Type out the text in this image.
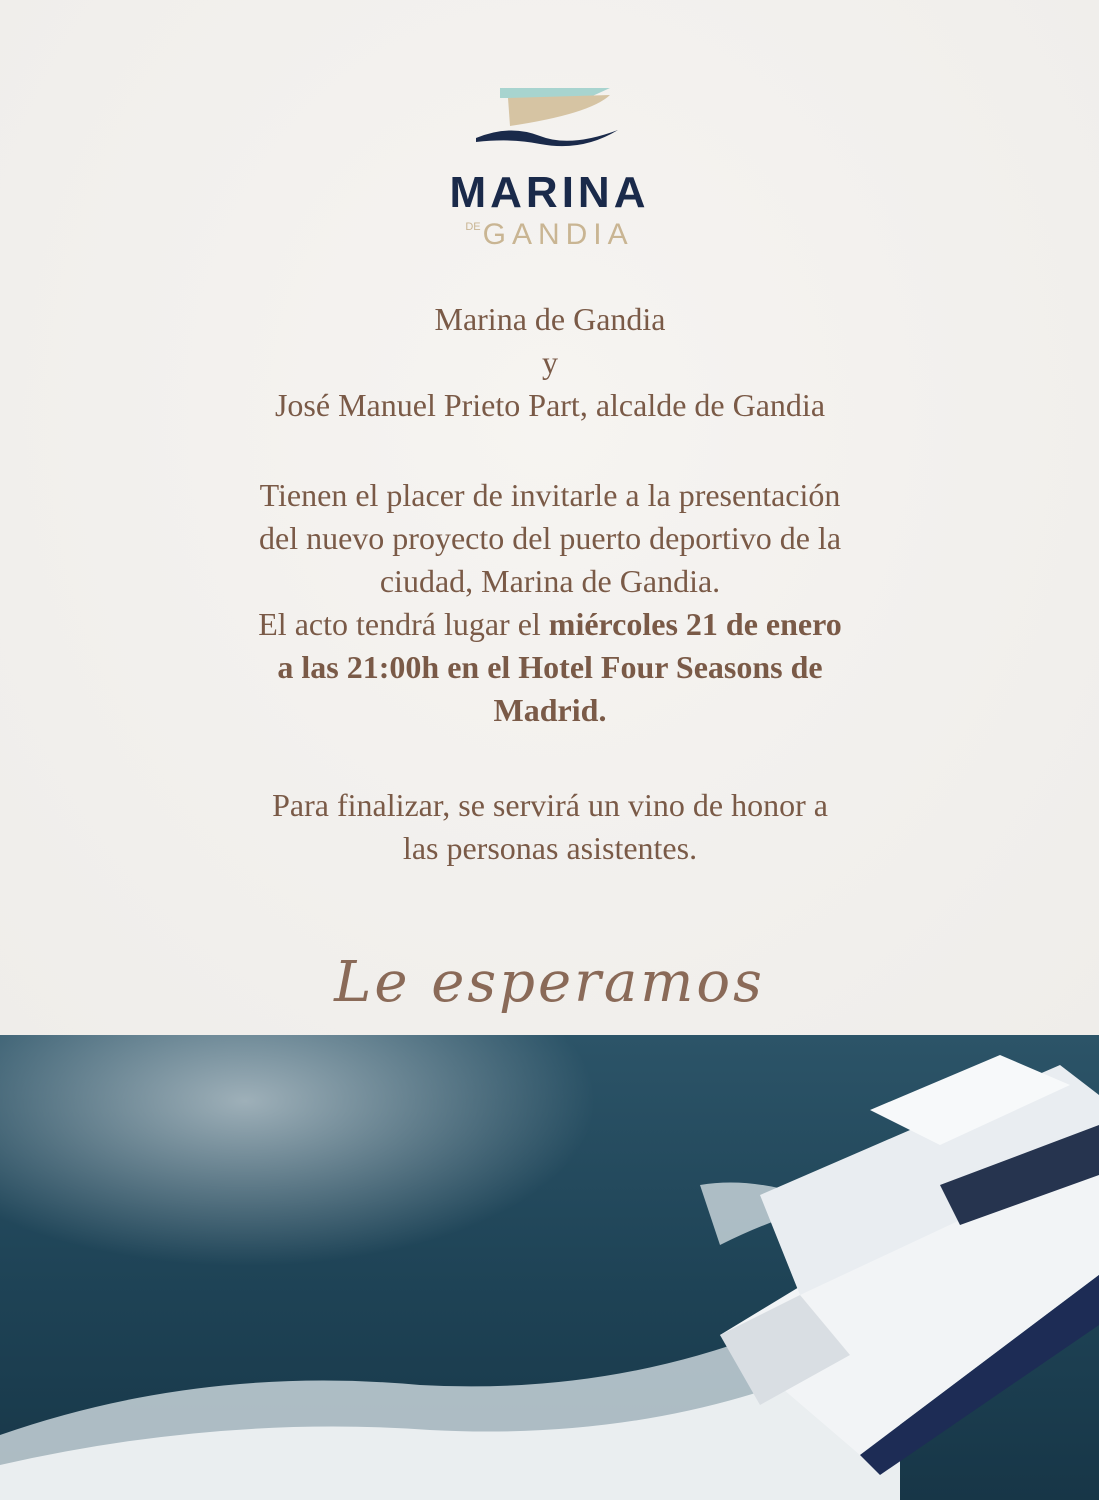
MARINA
$^{DE}$GANDIA

Marina de Gandia

y

José Manuel Prieto Part, alcalde de Gandia

Tienen el placer de invitarle a la presentación

del nuevo proyecto del puerto deportivo de la

ciudad, Marina de Gandia.

El acto tendrá lugar el miércoles 21 de enero

a las 21:00h en el Hotel Four Seasons de

Madrid.

Para finalizar, se servirá un vino de honor a

las personas asistentes.

Le esperamos
